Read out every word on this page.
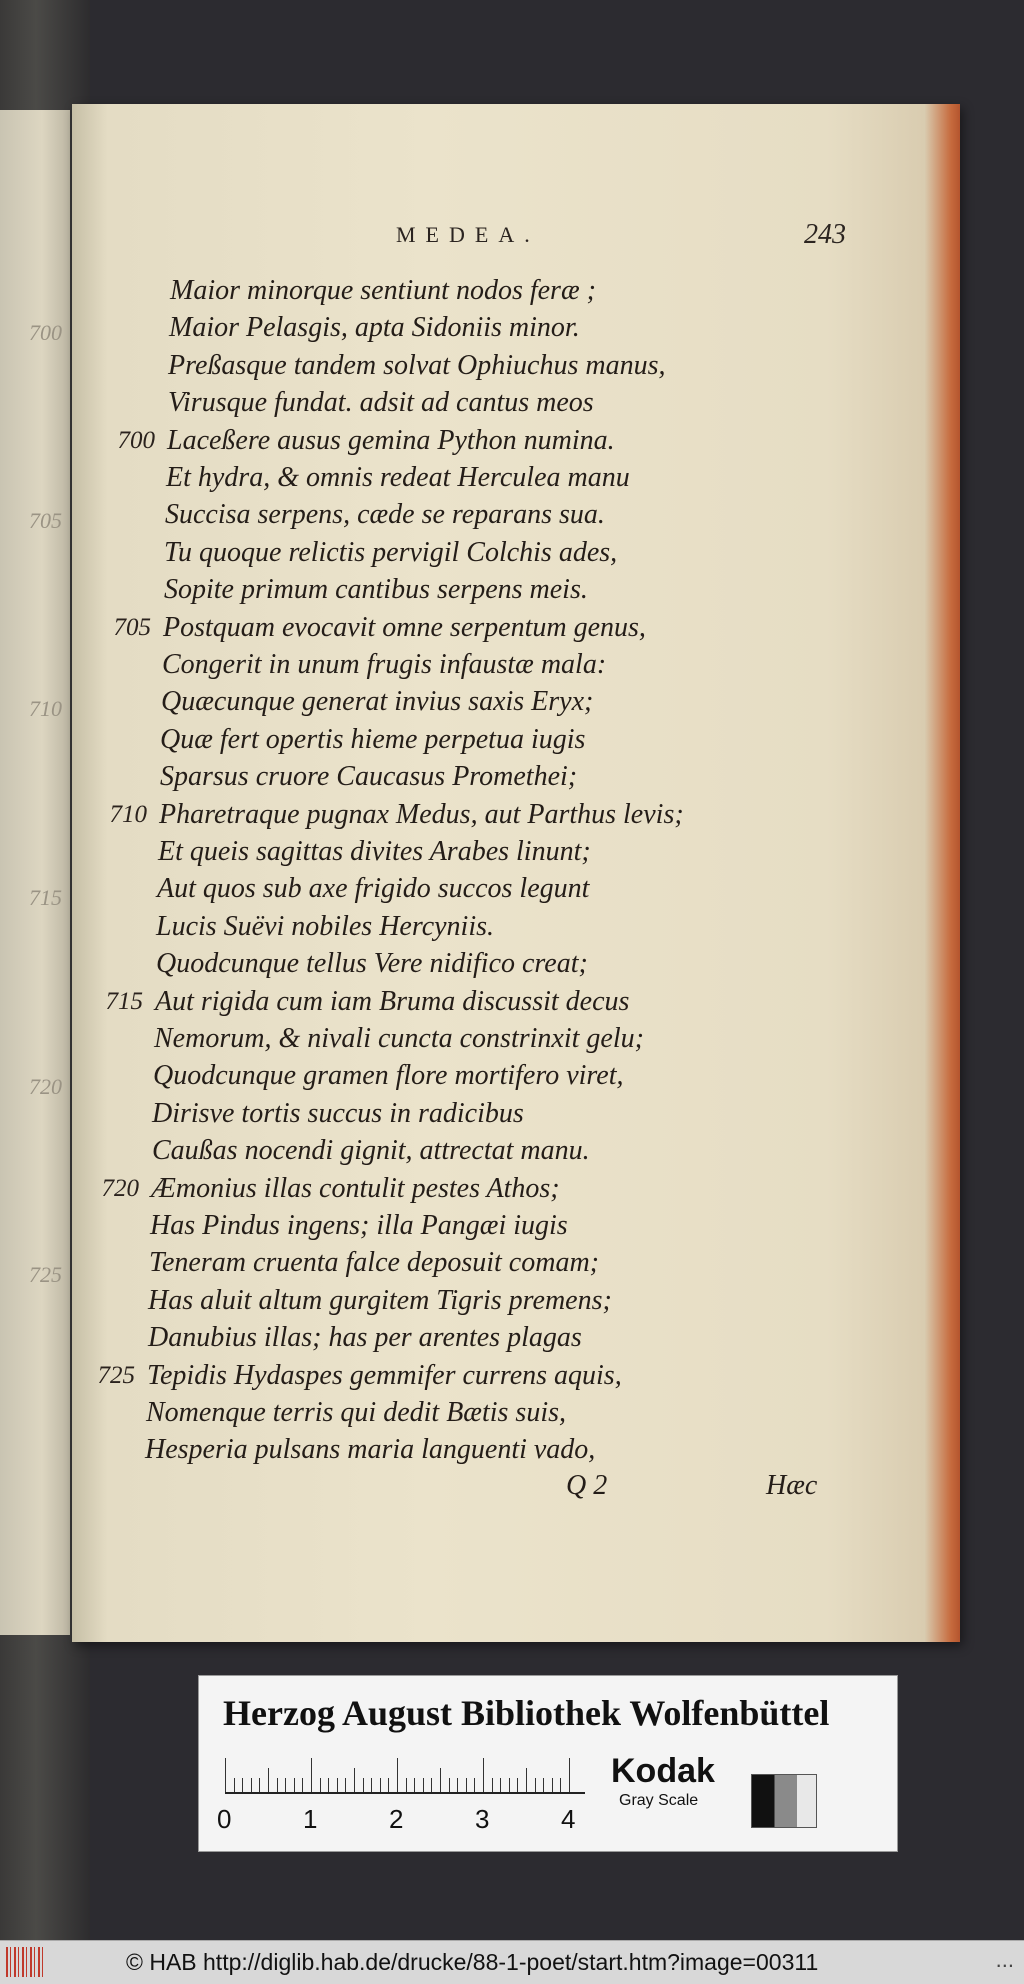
700
705
710
715
720
725
MEDEA.	243
Maior minorque sentiunt nodos feræ ;
Maior Pelasgis, apta Sidoniis minor.
Preßasque tandem solvat Ophiuchus manus,
Virusque fundat. adsit ad cantus meos
700 Laceßere ausus gemina Python numina.
Et hydra, & omnis redeat Herculea manu
Succisa serpens, cæde se reparans sua.
Tu quoque relictis pervigil Colchis ades,
Sopite primum cantibus serpens meis.
705 Postquam evocavit omne serpentum genus,
Congerit in unum frugis infaustæ mala:
Quæcunque generat invius saxis Eryx;
Quæ fert opertis hieme perpetua iugis
Sparsus cruore Caucasus Promethei;
710 Pharetraque pugnax Medus, aut Parthus levis;
Et queis sagittas divites Arabes linunt;
Aut quos sub axe frigido succos legunt
Lucis Suëvi nobiles Hercyniis.
Quodcunque tellus Vere nidifico creat;
715 Aut rigida cum iam Bruma discussit decus
Nemorum, & nivali cuncta constrinxit gelu;
Quodcunque gramen flore mortifero viret,
Dirisve tortis succus in radicibus
Caußas nocendi gignit, attrectat manu.
720 Æmonius illas contulit pestes Athos;
Has Pindus ingens; illa Pangæi iugis
Teneram cruenta falce deposuit comam;
Has aluit altum gurgitem Tigris premens;
Danubius illas; has per arentes plagas
725 Tepidis Hydaspes gemmifer currens aquis,
Nomenque terris qui dedit Bætis suis,
Hesperia pulsans maria languenti vado,
Q 2	Hæc
Herzog August Bibliothek Wolfenbüttel
0	1	2	3	4
Kodak
Gray Scale
© HAB http://diglib.hab.de/drucke/88-1-poet/start.htm?image=00311	...
